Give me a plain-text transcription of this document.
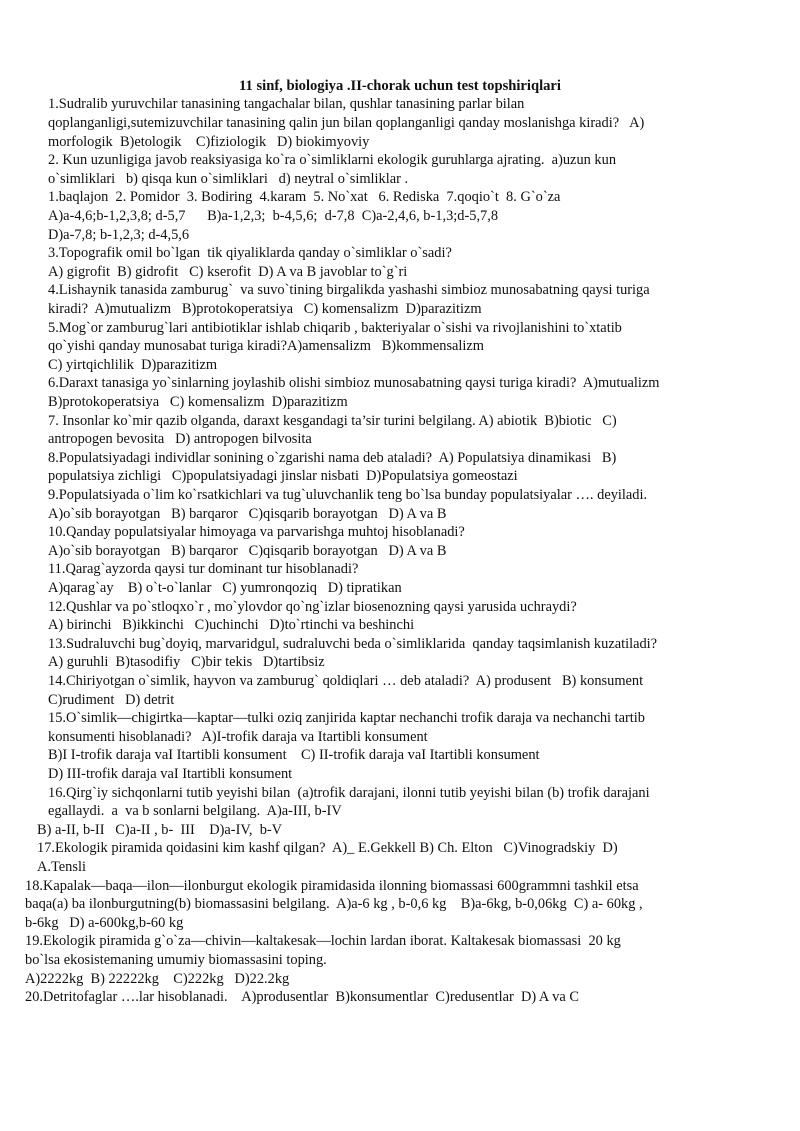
11 sinf, biologiya .II-chorak uchun test topshiriqlari
1.Sudralib yuruvchilar tanasining tangachalar bilan, qushlar tanasining parlar bilan
qoplanganligi,sutemizuvchilar tanasining qalin jun bilan qoplanganligi qanday moslanishga kiradi?   A)
morfologik  B)etologik    C)fiziologik   D) biokimyoviy
2. Kun uzunligiga javob reaksiyasiga ko`ra o`simliklarni ekologik guruhlarga ajrating.  a)uzun kun
o`simliklari   b) qisqa kun o`simliklari   d) neytral o`simliklar .
1.baqlajon  2. Pomidor  3. Bodiring  4.karam  5. No`xat   6. Rediska  7.qoqio`t  8. G`o`za
A)a-4,6;b-1,2,3,8; d-5,7      B)a-1,2,3;  b-4,5,6;  d-7,8  C)a-2,4,6, b-1,3;d-5,7,8
D)a-7,8; b-1,2,3; d-4,5,6
3.Topografik omil bo`lgan  tik qiyaliklarda qanday o`simliklar o`sadi?
A) gigrofit  B) gidrofit   C) kserofit  D) A va B javoblar to`g`ri
4.Lishaynik tanasida zamburug`  va suvo`tining birgalikda yashashi simbioz munosabatning qaysi turiga
kiradi?  A)mutualizm   B)protokoperatsiya   C) komensalizm  D)parazitizm
5.Mog`or zamburug`lari antibiotiklar ishlab chiqarib , bakteriyalar o`sishi va rivojlanishini to`xtatib
qo`yishi qanday munosabat turiga kiradi?A)amensalizm   B)kommensalizm
C) yirtqichlilik  D)parazitizm
6.Daraxt tanasiga yo`sinlarning joylashib olishi simbioz munosabatning qaysi turiga kiradi?  A)mutualizm
B)protokoperatsiya   C) komensalizm  D)parazitizm
7. Insonlar ko`mir qazib olganda, daraxt kesgandagi ta’sir turini belgilang. A) abiotik  B)biotic   C)
antropogen bevosita   D) antropogen bilvosita
8.Populatsiyadagi individlar sonining o`zgarishi nama deb ataladi?  A) Populatsiya dinamikasi   B)
populatsiya zichligi   C)populatsiyadagi jinslar nisbati  D)Populatsiya gomeostazi
9.Populatsiyada o`lim ko`rsatkichlari va tug`uluvchanlik teng bo`lsa bunday populatsiyalar …. deyiladi.
A)o`sib borayotgan   B) barqaror   C)qisqarib borayotgan   D) A va B
10.Qanday populatsiyalar himoyaga va parvarishga muhtoj hisoblanadi?
A)o`sib borayotgan   B) barqaror   C)qisqarib borayotgan   D) A va B
11.Qarag`ayzorda qaysi tur dominant tur hisoblanadi?
A)qarag`ay    B) o`t-o`lanlar   C) yumronqoziq   D) tipratikan
12.Qushlar va po`stloqxo`r , mo`ylovdor qo`ng`izlar biosenozning qaysi yarusida uchraydi?
A) birinchi   B)ikkinchi   C)uchinchi   D)to`rtinchi va beshinchi
13.Sudraluvchi bug`doyiq, marvaridgul, sudraluvchi beda o`simliklarida  qanday taqsimlanish kuzatiladi?
A) guruhli  B)tasodifiy   C)bir tekis   D)tartibsiz
14.Chiriyotgan o`simlik, hayvon va zamburug` qoldiqlari … deb ataladi?  A) produsent   B) konsument
C)rudiment   D) detrit
15.O`simlik—chigirtka—kaptar—tulki oziq zanjirida kaptar nechanchi trofik daraja va nechanchi tartib
konsumenti hisoblanadi?   A)I-trofik daraja va Itartibli konsument
B)I I-trofik daraja vaI Itartibli konsument    C) II-trofik daraja vaI Itartibli konsument
D) III-trofik daraja vaI Itartibli konsument
16.Qirg`iy sichqonlarni tutib yeyishi bilan  (a)trofik darajani, ilonni tutib yeyishi bilan (b) trofik darajani
egallaydi.  a  va b sonlarni belgilang.  A)a-III, b-IV
B) a-II, b-II   C)a-II , b-  III    D)a-IV,  b-V
17.Ekologik piramida qoidasini kim kashf qilgan?  A)_ E.Gekkell B) Ch. Elton   C)Vinogradskiy  D)
A.Tensli
18.Kapalak—baqa—ilon—ilonburgut ekologik piramidasida ilonning biomassasi 600grammni tashkil etsa
baqa(a) ba ilonburgutning(b) biomassasini belgilang.  A)a-6 kg , b-0,6 kg    B)a-6kg, b-0,06kg  C) a- 60kg ,
b-6kg   D) a-600kg,b-60 kg
19.Ekologik piramida g`o`za—chivin—kaltakesak—lochin lardan iborat. Kaltakesak biomassasi  20 kg
bo`lsa ekosistemaning umumiy biomassasini toping.
A)2222kg  B) 22222kg    C)222kg   D)22.2kg
20.Detritofaglar ….lar hisoblanadi.    A)produsentlar  B)konsumentlar  C)redusentlar  D) A va C
